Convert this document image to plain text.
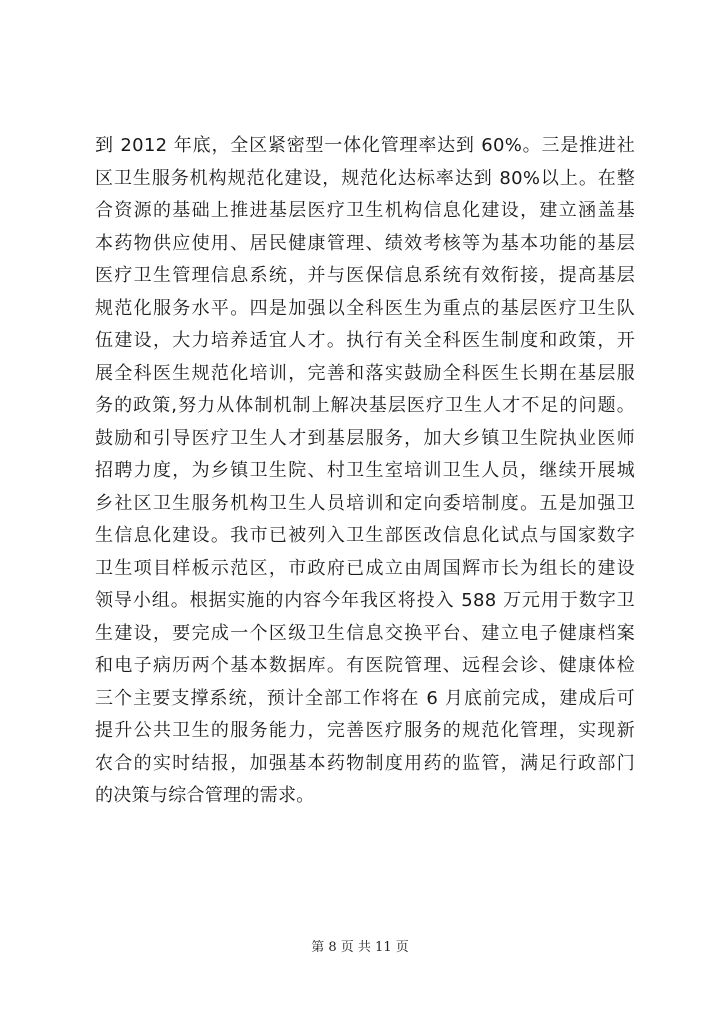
到 2012 年底，全区紧密型一体化管理率达到 60%。三是推进社
区卫生服务机构规范化建设，规范化达标率达到 80%以上。在整
合资源的基础上推进基层医疗卫生机构信息化建设，建立涵盖基
本药物供应使用、居民健康管理、绩效考核等为基本功能的基层
医疗卫生管理信息系统，并与医保信息系统有效衔接，提高基层
规范化服务水平。四是加强以全科医生为重点的基层医疗卫生队
伍建设，大力培养适宜人才。执行有关全科医生制度和政策，开
展全科医生规范化培训，完善和落实鼓励全科医生长期在基层服
务的政策,努力从体制机制上解决基层医疗卫生人才不足的问题。
鼓励和引导医疗卫生人才到基层服务，加大乡镇卫生院执业医师
招聘力度，为乡镇卫生院、村卫生室培训卫生人员，继续开展城
乡社区卫生服务机构卫生人员培训和定向委培制度。五是加强卫
生信息化建设。我市已被列入卫生部医改信息化试点与国家数字
卫生项目样板示范区，市政府已成立由周国辉市长为组长的建设
领导小组。根据实施的内容今年我区将投入 588 万元用于数字卫
生建设，要完成一个区级卫生信息交换平台、建立电子健康档案
和电子病历两个基本数据库。有医院管理、远程会诊、健康体检
三个主要支撑系统，预计全部工作将在 6 月底前完成，建成后可
提升公共卫生的服务能力，完善医疗服务的规范化管理，实现新
农合的实时结报，加强基本药物制度用药的监管，满足行政部门
的决策与综合管理的需求。
第 8 页 共 11 页
